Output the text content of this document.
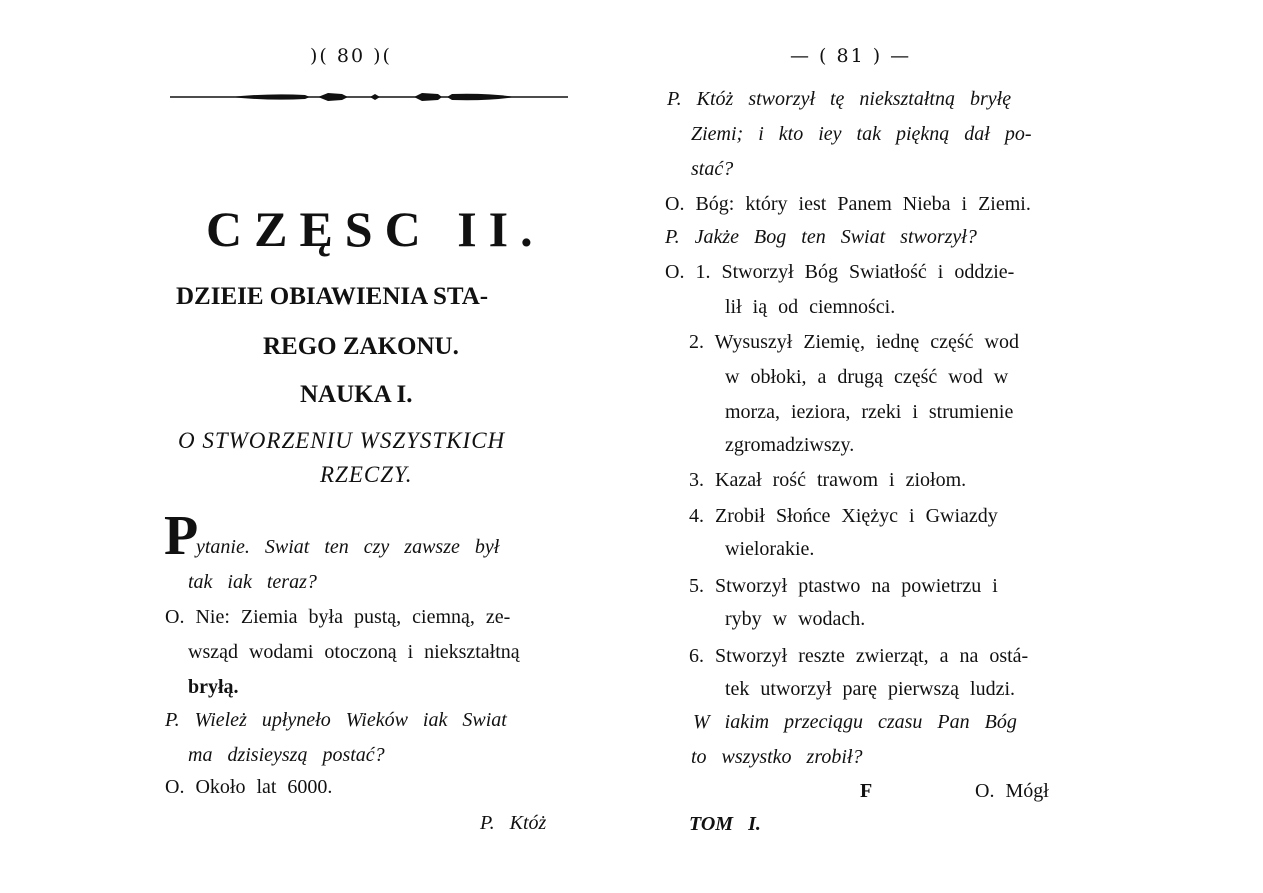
)( 80 )(
CZĘSC II.
DZIEIE OBIAWIENIA STA-
REGO ZAKONU.
NAUKA I.
O STWORZENIU WSZYSTKICH
RZECZY.
P
ytanie. Swiat ten czy zawsze był
tak iak teraz?
O. Nie: Ziemia była pustą, ciemną, ze-
wsząd wodami otoczoną i niekształtną
bryłą.
P. Wieleż upłyneło Wieków iak Swiat
ma dzisieyszą postać?
O. Około lat 6000.
P. Któż
— ( 81 ) —
P. Któż stworzył tę niekształtną bryłę
Ziemi; i kto iey tak piękną dał po-
stać?
O. Bóg: który iest Panem Nieba i Ziemi.
P. Jakże Bog ten Swiat stworzył?
O. 1. Stworzył Bóg Swiatłość i oddzie-
lił ią od ciemności.
2. Wysuszył Ziemię, iednę część wod
w obłoki, a drugą część wod w
morza, ieziora, rzeki i strumienie
zgromadziwszy.
3. Kazał rość trawom i ziołom.
4. Zrobił Słońce Xiężyc i Gwiazdy
wielorakie.
5. Stworzył ptastwo na powietrzu i
ryby w wodach.
6. Stworzył reszte zwierząt, a na ostá-
tek utworzył parę pierwszą ludzi.
W iakim przeciągu czasu Pan Bóg
to wszystko zrobił?
F	O. Mógł
TOM I.
